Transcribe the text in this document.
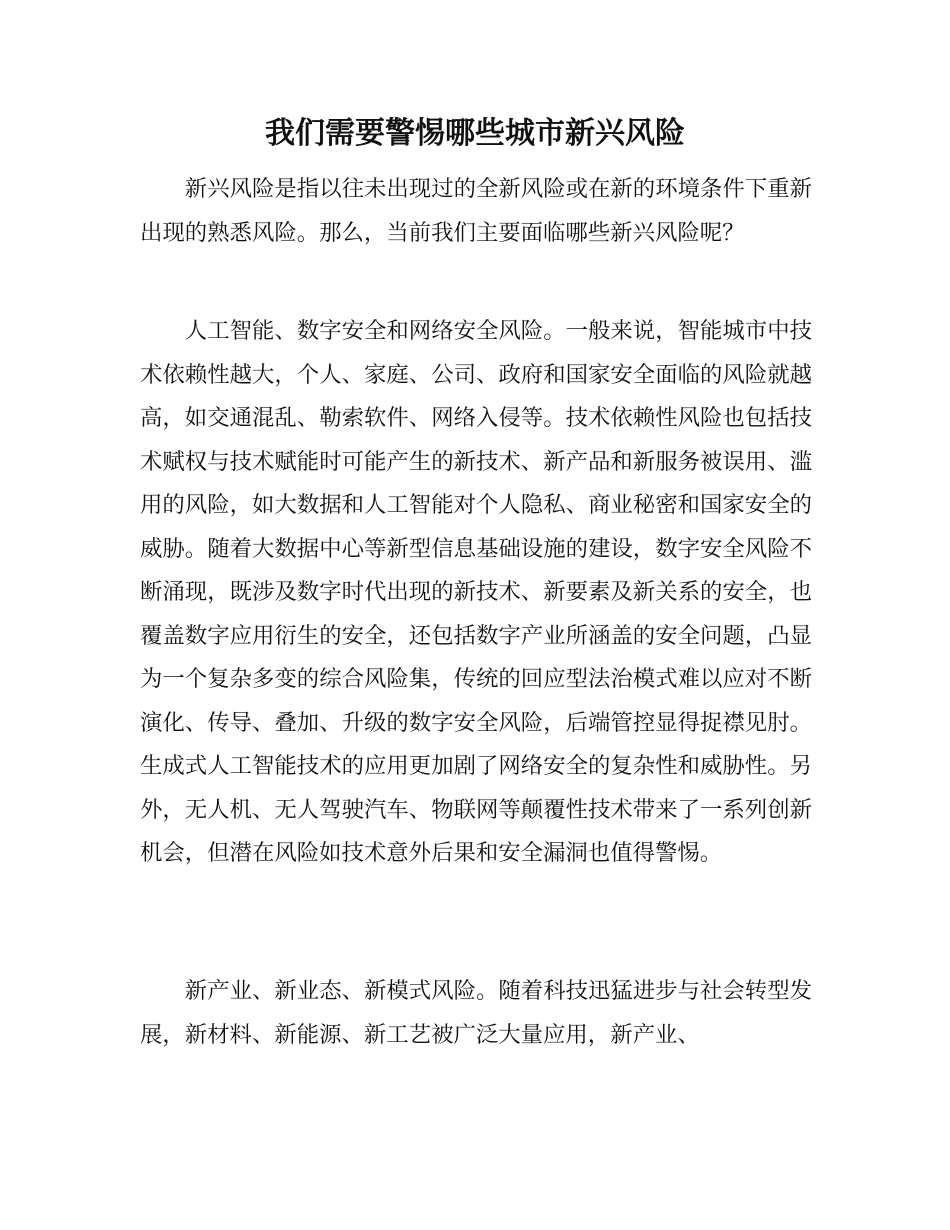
我们需要警惕哪些城市新兴风险

新兴风险是指以往未出现过的全新风险或在新的环境条件下重新出现的熟悉风险。那么，当前我们主要面临哪些新兴风险呢？

人工智能、数字安全和网络安全风险。一般来说，智能城市中技术依赖性越大，个人、家庭、公司、政府和国家安全面临的风险就越高，如交通混乱、勒索软件、网络入侵等。技术依赖性风险也包括技术赋权与技术赋能时可能产生的新技术、新产品和新服务被误用、滥用的风险，如大数据和人工智能对个人隐私、商业秘密和国家安全的威胁。随着大数据中心等新型信息基础设施的建设，数字安全风险不断涌现，既涉及数字时代出现的新技术、新要素及新关系的安全，也覆盖数字应用衍生的安全，还包括数字产业所涵盖的安全问题，凸显为一个复杂多变的综合风险集，传统的回应型法治模式难以应对不断演化、传导、叠加、升级的数字安全风险，后端管控显得捉襟见肘。生成式人工智能技术的应用更加剧了网络安全的复杂性和威胁性。另外，无人机、无人驾驶汽车、物联网等颠覆性技术带来了一系列创新机会，但潜在风险如技术意外后果和安全漏洞也值得警惕。

新产业、新业态、新模式风险。随着科技迅猛进步与社会转型发展，新材料、新能源、新工艺被广泛大量应用，新产业、
